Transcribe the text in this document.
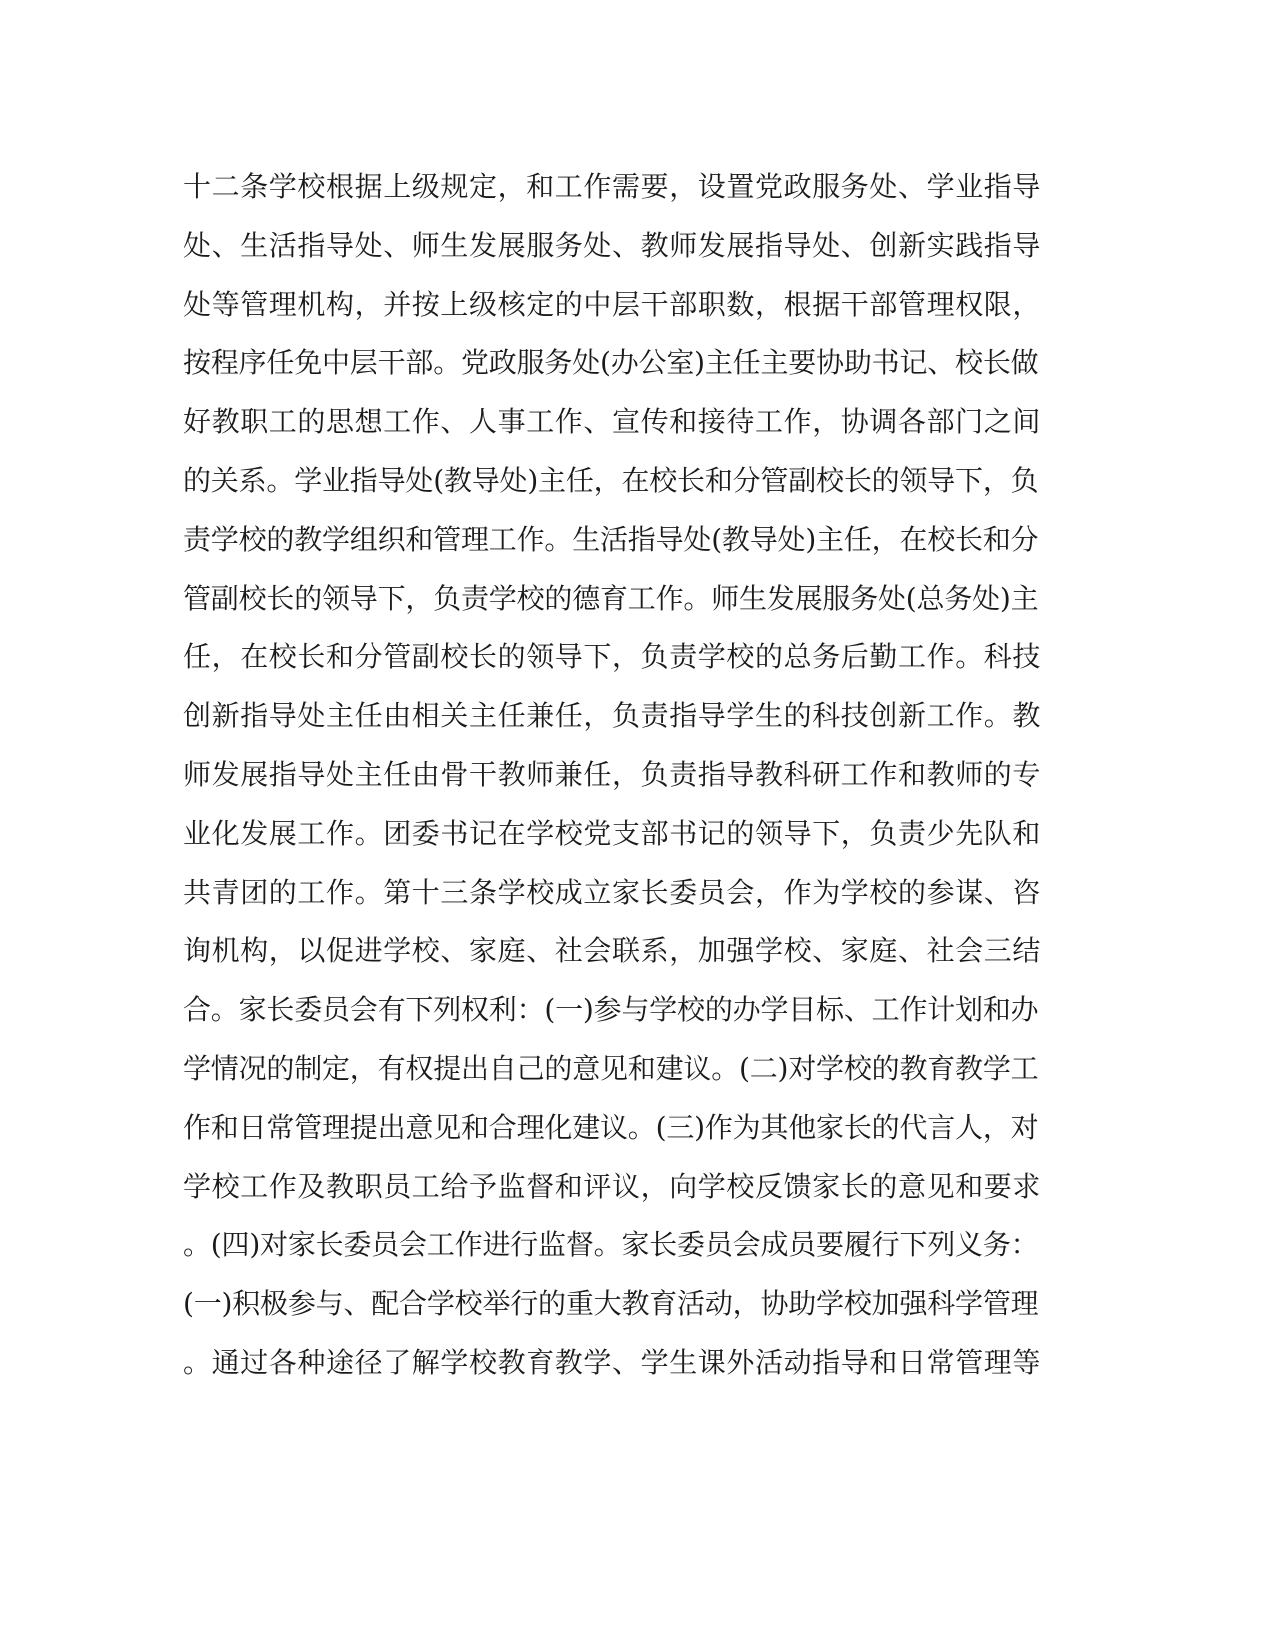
十二条学校根据上级规定，和工作需要，设置党政服务处、学业指导
处、生活指导处、师生发展服务处、教师发展指导处、创新实践指导
处等管理机构，并按上级核定的中层干部职数，根据干部管理权限，
按程序任免中层干部。党政服务处(办公室)主任主要协助书记、校长做
好教职工的思想工作、人事工作、宣传和接待工作，协调各部门之间
的关系。学业指导处(教导处)主任，在校长和分管副校长的领导下，负
责学校的教学组织和管理工作。生活指导处(教导处)主任，在校长和分
管副校长的领导下，负责学校的德育工作。师生发展服务处(总务处)主
任，在校长和分管副校长的领导下，负责学校的总务后勤工作。科技
创新指导处主任由相关主任兼任，负责指导学生的科技创新工作。教
师发展指导处主任由骨干教师兼任，负责指导教科研工作和教师的专
业化发展工作。团委书记在学校党支部书记的领导下，负责少先队和
共青团的工作。第十三条学校成立家长委员会，作为学校的参谋、咨
询机构，以促进学校、家庭、社会联系，加强学校、家庭、社会三结
合。家长委员会有下列权利：(一)参与学校的办学目标、工作计划和办
学情况的制定，有权提出自己的意见和建议。(二)对学校的教育教学工
作和日常管理提出意见和合理化建议。(三)作为其他家长的代言人，对
学校工作及教职员工给予监督和评议，向学校反馈家长的意见和要求
。(四)对家长委员会工作进行监督。家长委员会成员要履行下列义务：
(一)积极参与、配合学校举行的重大教育活动，协助学校加强科学管理
。通过各种途径了解学校教育教学、学生课外活动指导和日常管理等
